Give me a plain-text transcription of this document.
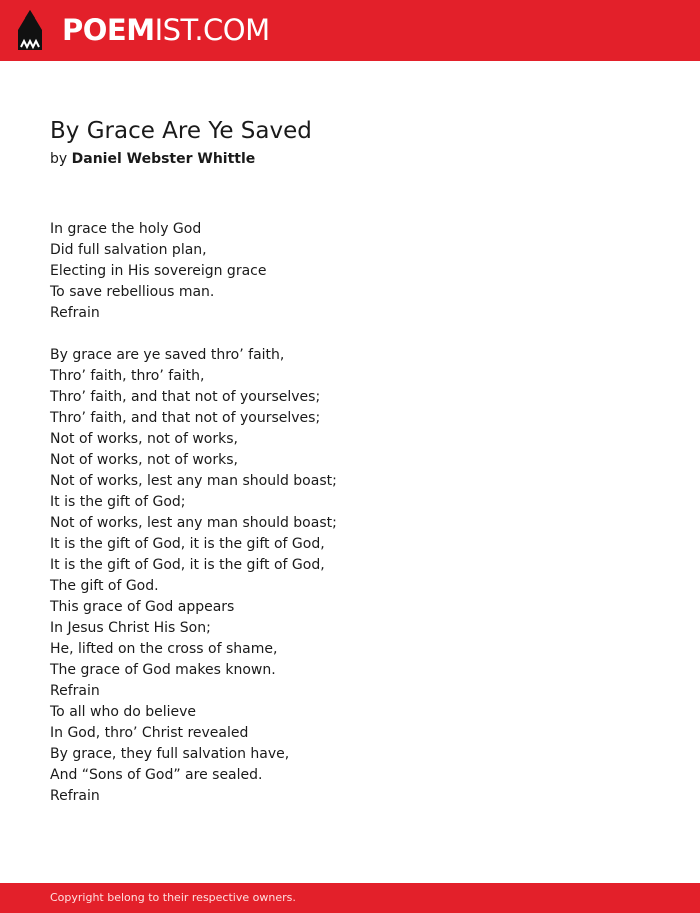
POEMIST.COM
By Grace Are Ye Saved
by Daniel Webster Whittle
In grace the holy God
Did full salvation plan,
Electing in His sovereign grace
To save rebellious man.
Refrain
By grace are ye saved thro’ faith,
Thro’ faith, thro’ faith,
Thro’ faith, and that not of yourselves;
Thro’ faith, and that not of yourselves;
Not of works, not of works,
Not of works, not of works,
Not of works, lest any man should boast;
It is the gift of God;
Not of works, lest any man should boast;
It is the gift of God, it is the gift of God,
It is the gift of God, it is the gift of God,
The gift of God.
This grace of God appears
In Jesus Christ His Son;
He, lifted on the cross of shame,
The grace of God makes known.
Refrain
To all who do believe
In God, thro’ Christ revealed
By grace, they full salvation have,
And “Sons of God” are sealed.
Refrain
Copyright belong to their respective owners.
